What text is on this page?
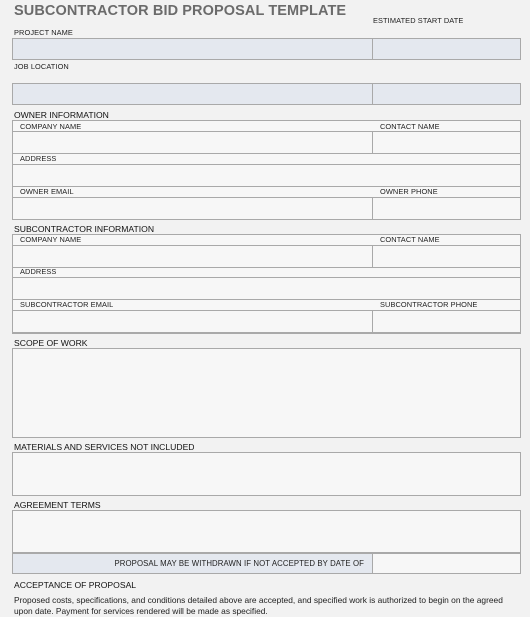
SUBCONTRACTOR BID PROPOSAL TEMPLATE
ESTIMATED START DATE
PROJECT NAME
JOB LOCATION
OWNER INFORMATION
COMPANY NAME	CONTACT NAME
ADDRESS
OWNER EMAIL	OWNER PHONE
SUBCONTRACTOR INFORMATION
COMPANY NAME	CONTACT NAME
ADDRESS
SUBCONTRACTOR EMAIL	SUBCONTRACTOR PHONE
SCOPE OF WORK
MATERIALS AND SERVICES NOT INCLUDED
AGREEMENT TERMS
PROPOSAL MAY BE WITHDRAWN IF NOT ACCEPTED BY DATE OF
ACCEPTANCE OF PROPOSAL
Proposed costs, specifications, and conditions detailed above are accepted, and specified work is authorized to begin on the agreed upon date. Payment for services rendered will be made as specified.
